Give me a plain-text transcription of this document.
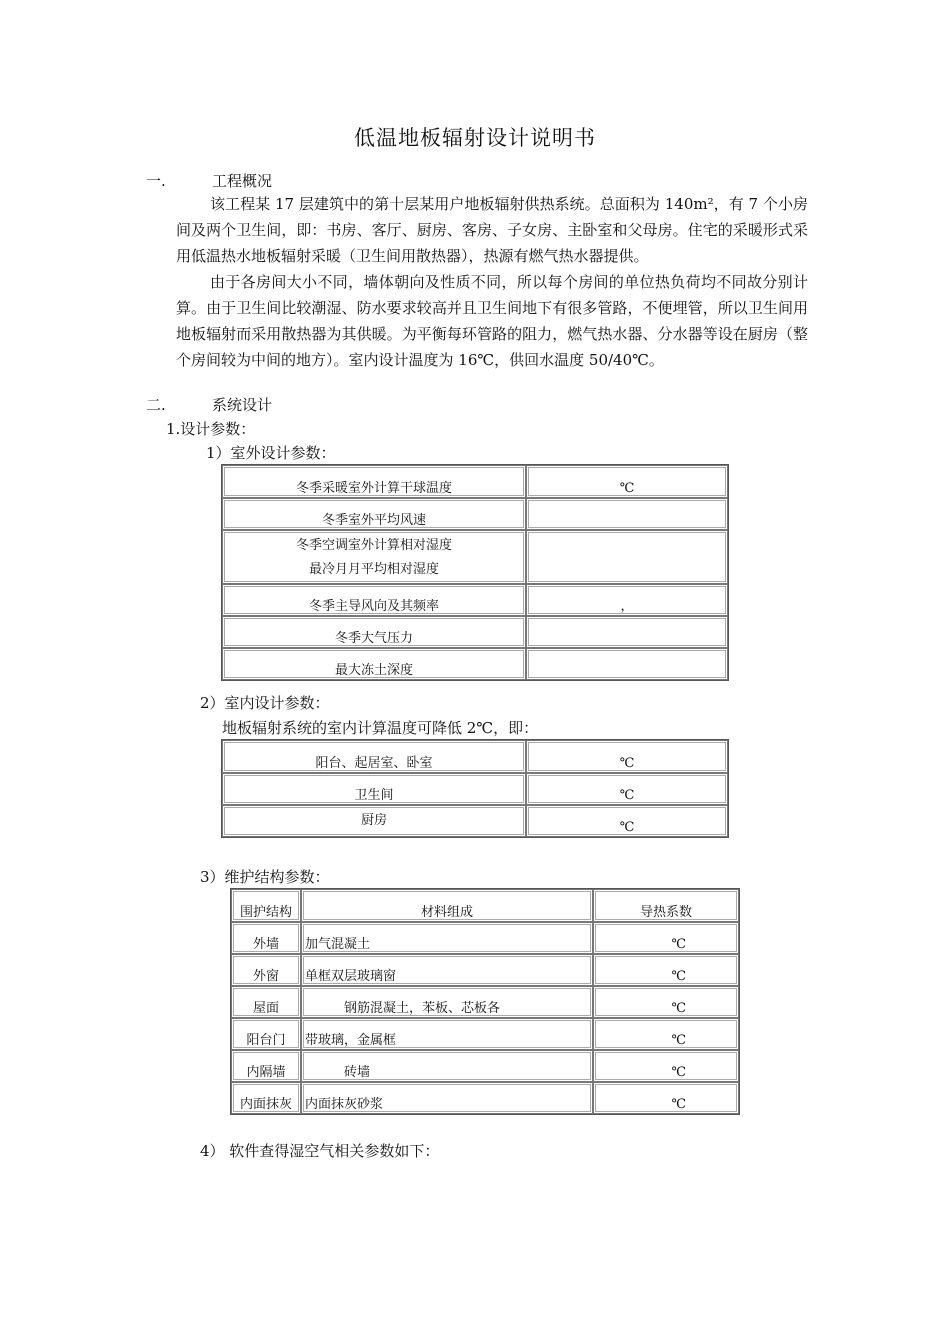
低温地板辐射设计说明书
一.	工程概况

该工程某 17 层建筑中的第十层某用户地板辐射供热系统。总面积为 140m²，有 7 个小房间及两个卫生间，即：书房、客厅、厨房、客房、子女房、主卧室和父母房。住宅的采暖形式采用低温热水地板辐射采暖（卫生间用散热器），热源有燃气热水器提供。

由于各房间大小不同，墙体朝向及性质不同，所以每个房间的单位热负荷均不同故分别计算。由于卫生间比较潮湿、防水要求较高并且卫生间地下有很多管路，不便埋管，所以卫生间用地板辐射而采用散热器为其供暖。为平衡每环管路的阻力，燃气热水器、分水器等设在厨房（整个房间较为中间的地方）。室内设计温度为 16℃，供回水温度 50/40℃。

二.	系统设计
1.设计参数：
1）室外设计参数：
冬季采暖室外计算干球温度	℃
冬季室外平均风速	

冬季空调室外计算相对湿度
最冷月月平均相对湿度	

冬季主导风向及其频率	，
冬季大气压力	
最大冻土深度	
2）室内设计参数：
地板辐射系统的室内计算温度可降低 2℃，即：
阳台、起居室、卧室	℃
卫生间	℃
厨房	℃
3）维护结构参数：
围护结构	材料组成	导热系数
外墙	加气混凝土	℃
外窗	单框双层玻璃窗	℃
屋面	钢筋混凝土，苯板、芯板各	℃
阳台门	带玻璃，金属框	℃
内隔墙	砖墙	℃
内面抹灰	内面抹灰砂浆	℃
4） 软件查得湿空气相关参数如下：
